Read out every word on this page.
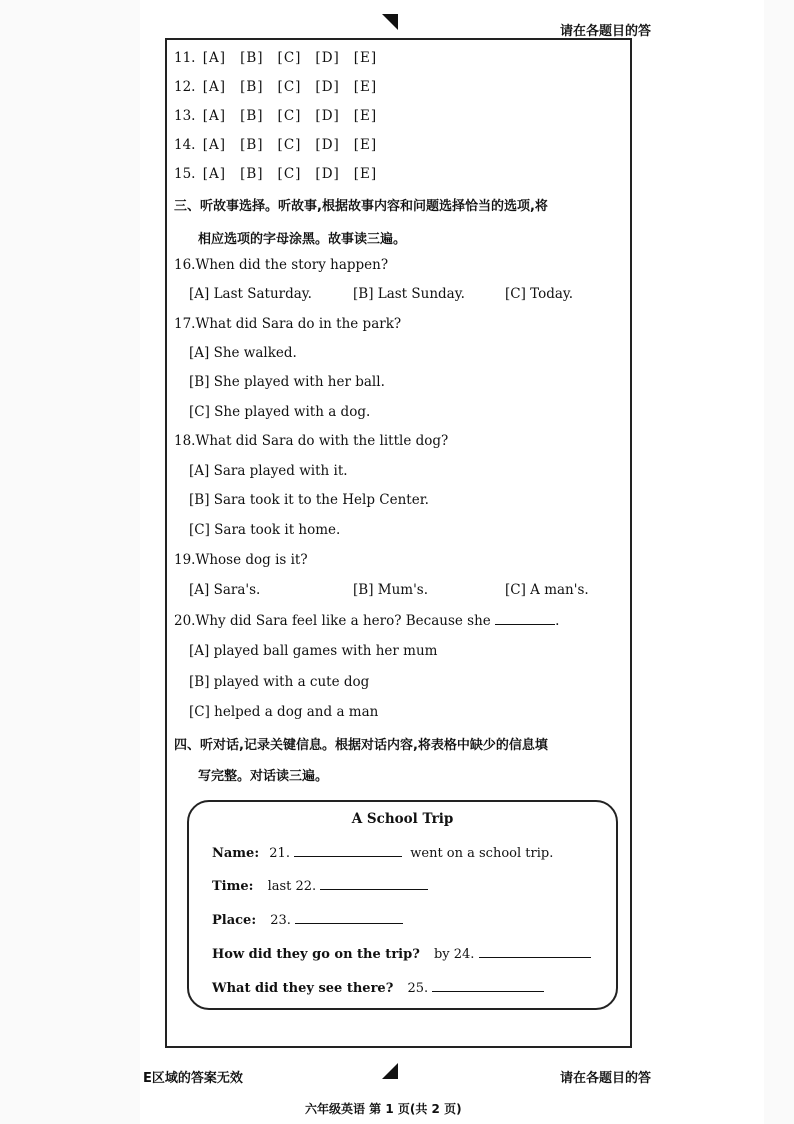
请在各题目的答
11. [A] [B] [C] [D] [E]
12. [A] [B] [C] [D] [E]
13. [A] [B] [C] [D] [E]
14. [A] [B] [C] [D] [E]
15. [A] [B] [C] [D] [E]
三、听故事选择。听故事,根据故事内容和问题选择恰当的选项,将
相应选项的字母涂黑。故事读三遍。
16.When did the story happen?
[A] Last Saturday.	[B] Last Sunday.	[C] Today.
17.What did Sara do in the park?
[A] She walked.
[B] She played with her ball.
[C] She played with a dog.
18.What did Sara do with the little dog?
[A] Sara played with it.
[B] Sara took it to the Help Center.
[C] Sara took it home.
19.Whose dog is it?
[A] Sara's.	[B] Mum's.	[C] A man's.
20.Why did Sara feel like a hero? Because she	.
[A] played ball games with her mum
[B] played with a cute dog
[C] helped a dog and a man
四、听对话,记录关键信息。根据对话内容,将表格中缺少的信息填
写完整。对话读三遍。
A School Trip
Name: 21.	went on a school trip.
Time: last 22.
Place: 23.
How did they go on the trip? by 24.
What did they see there? 25.
E区域的答案无效	请在各题目的答
六年级英语 第 1 页(共 2 页)
